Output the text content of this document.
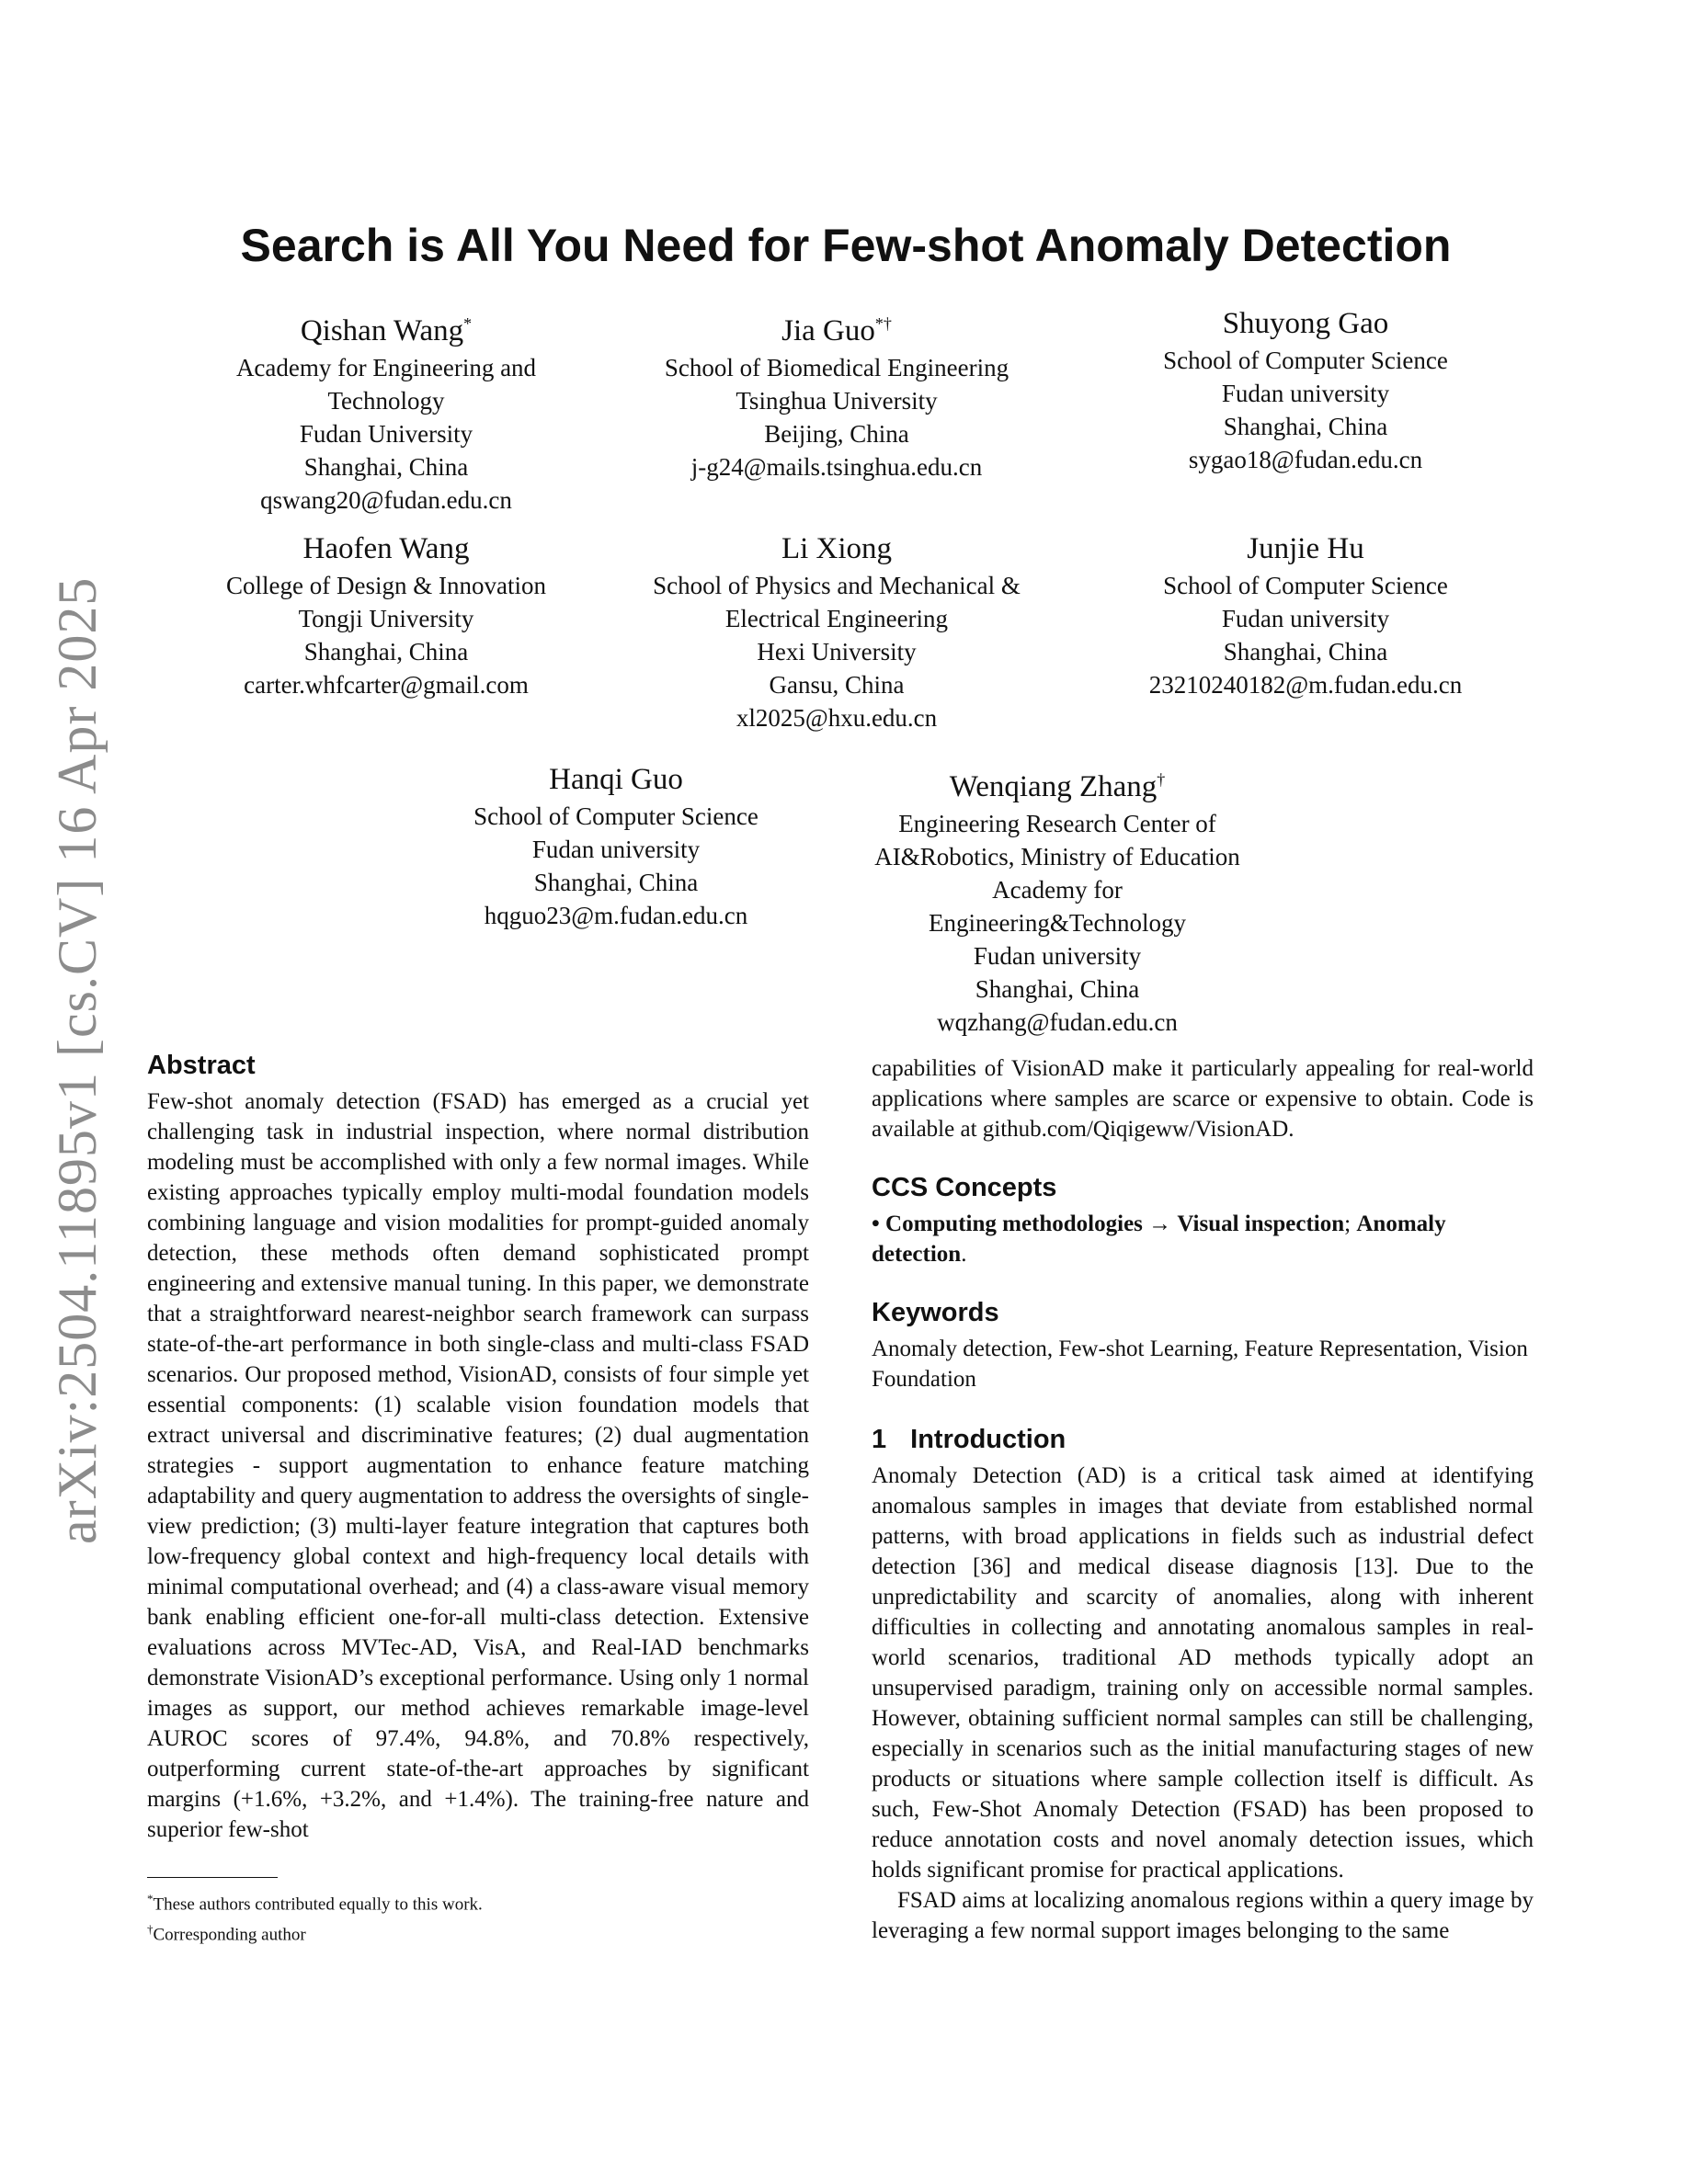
arXiv:2504.11895v1 [cs.CV] 16 Apr 2025
Search is All You Need for Few-shot Anomaly Detection
Qishan Wang*
Academy for Engineering and
Technology
Fudan University
Shanghai, China
qswang20@fudan.edu.cn
Jia Guo*†
School of Biomedical Engineering
Tsinghua University
Beijing, China
j-g24@mails.tsinghua.edu.cn
Shuyong Gao
School of Computer Science
Fudan university
Shanghai, China
sygao18@fudan.edu.cn
Haofen Wang
College of Design & Innovation
Tongji University
Shanghai, China
carter.whfcarter@gmail.com
Li Xiong
School of Physics and Mechanical &
Electrical Engineering
Hexi University
Gansu, China
xl2025@hxu.edu.cn
Junjie Hu
School of Computer Science
Fudan university
Shanghai, China
23210240182@m.fudan.edu.cn
Hanqi Guo
School of Computer Science
Fudan university
Shanghai, China
hqguo23@m.fudan.edu.cn
Wenqiang Zhang†
Engineering Research Center of
AI&Robotics, Ministry of Education
Academy for
Engineering&Technology
Fudan university
Shanghai, China
wqzhang@fudan.edu.cn
Abstract

Few-shot anomaly detection (FSAD) has emerged as a crucial yet challenging task in industrial inspection, where normal distribution modeling must be accomplished with only a few normal images. While existing approaches typically employ multi-modal foundation models combining language and vision modalities for prompt-guided anomaly detection, these methods often demand sophisticated prompt engineering and extensive manual tuning. In this paper, we demonstrate that a straightforward nearest-neighbor search framework can surpass state-of-the-art performance in both single-class and multi-class FSAD scenarios. Our proposed method, VisionAD, consists of four simple yet essential components: (1) scalable vision foundation models that extract universal and discriminative features; (2) dual augmentation strategies - support augmentation to enhance feature matching adaptability and query augmentation to address the oversights of single-view prediction; (3) multi-layer feature integration that captures both low-frequency global context and high-frequency local details with minimal computational overhead; and (4) a class-aware visual memory bank enabling efficient one-for-all multi-class detection. Extensive evaluations across MVTec-AD, VisA, and Real-IAD benchmarks demonstrate VisionAD’s exceptional performance. Using only 1 normal images as support, our method achieves remarkable image-level AUROC scores of 97.4%, 94.8%, and 70.8% respectively, outperforming current state-of-the-art approaches by significant margins (+1.6%, +3.2%, and +1.4%). The training-free nature and superior few-shot

*These authors contributed equally to this work.
†Corresponding author

capabilities of VisionAD make it particularly appealing for real-world applications where samples are scarce or expensive to obtain. Code is available at github.com/Qiqigeww/VisionAD.

CCS Concepts

• Computing methodologies → Visual inspection; Anomaly detection.

Keywords

Anomaly detection, Few-shot Learning, Feature Representation, Vision Foundation

1 Introduction

Anomaly Detection (AD) is a critical task aimed at identifying anomalous samples in images that deviate from established normal patterns, with broad applications in fields such as industrial defect detection [36] and medical disease diagnosis [13]. Due to the unpredictability and scarcity of anomalies, along with inherent difficulties in collecting and annotating anomalous samples in real-world scenarios, traditional AD methods typically adopt an unsupervised paradigm, training only on accessible normal samples. However, obtaining sufficient normal samples can still be challenging, especially in scenarios such as the initial manufacturing stages of new products or situations where sample collection itself is difficult. As such, Few-Shot Anomaly Detection (FSAD) has been proposed to reduce annotation costs and novel anomaly detection issues, which holds significant promise for practical applications.

FSAD aims at localizing anomalous regions within a query image by leveraging a few normal support images belonging to the same
